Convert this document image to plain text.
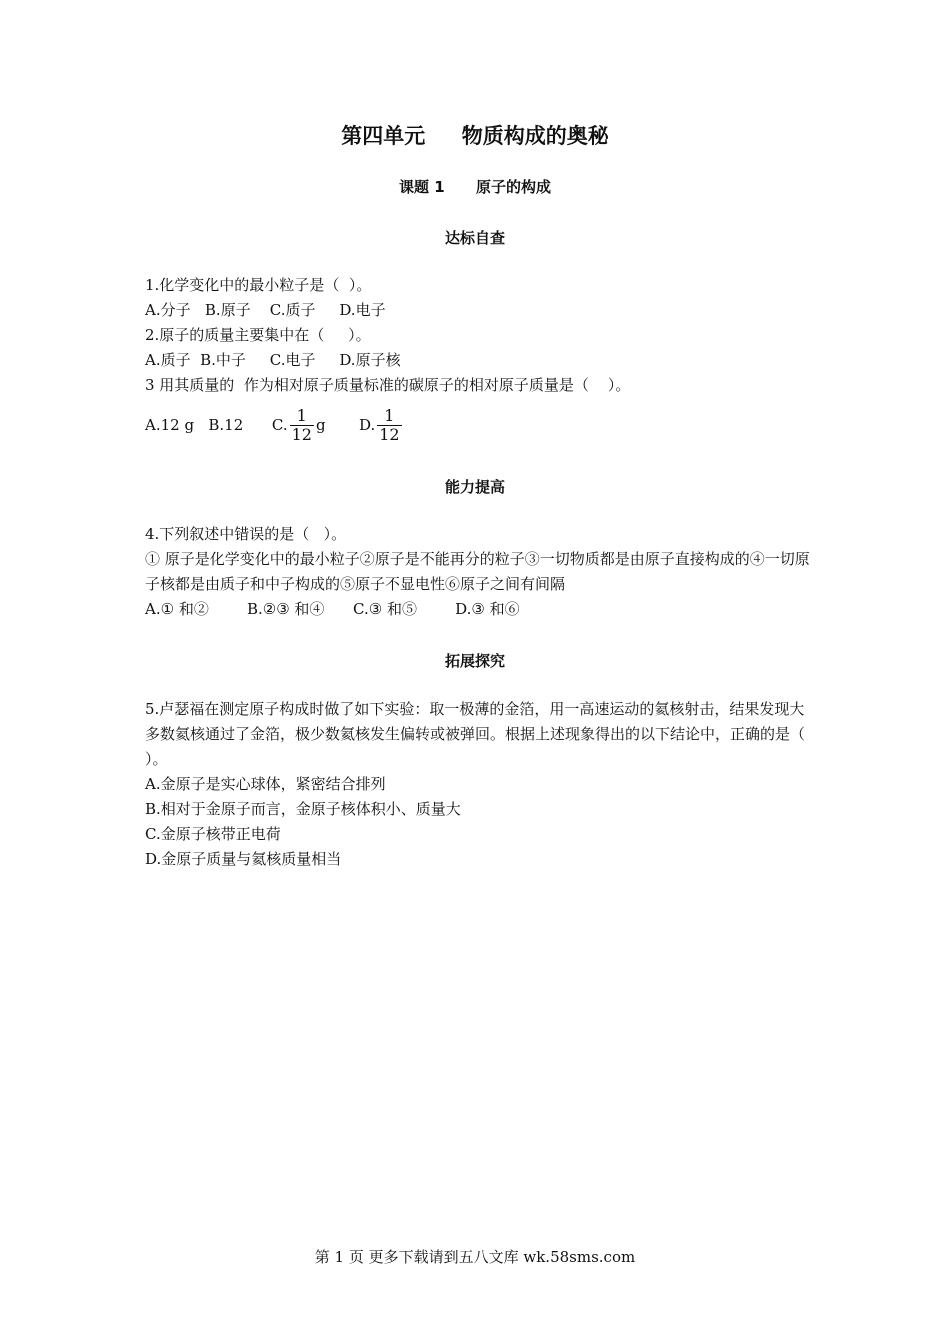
第四单元     物质构成的奥秘
课题 1      原子的构成
达标自查
1.化学变化中的最小粒子是（  ）。
A.分子   B.原子    C.质子     D.电子
2.原子的质量主要集中在（     ）。
A.质子  B.中子     C.电子     D.原子核
3 用其质量的  作为相对原子质量标准的碳原子的相对原子质量是（    ）。
A.12 g
B.12
C. $\frac{1}{12}$ g
D. $\frac{1}{12}$
能力提高
4.下列叙述中错误的是（   ）。
① 原子是化学变化中的最小粒子②原子是不能再分的粒子③一切物质都是由原子直接构成的④一切原子核都是由质子和中子构成的⑤原子不显电性⑥原子之间有间隔
A.① 和②        B.②③ 和④      C.③ 和⑤        D.③ 和⑥
拓展探究
5.卢瑟福在测定原子构成时做了如下实验：取一极薄的金箔，用一高速运动的氦核射击，结果发现大多数氦核通过了金箔，极少数氦核发生偏转或被弹回。根据上述现象得出的以下结论中，正确的是（ ）。
A.金原子是实心球体，紧密结合排列
B.相对于金原子而言，金原子核体积小、质量大
C.金原子核带正电荷
D.金原子质量与氦核质量相当
第 1 页 更多下载请到五八文库 wk.58sms.com
